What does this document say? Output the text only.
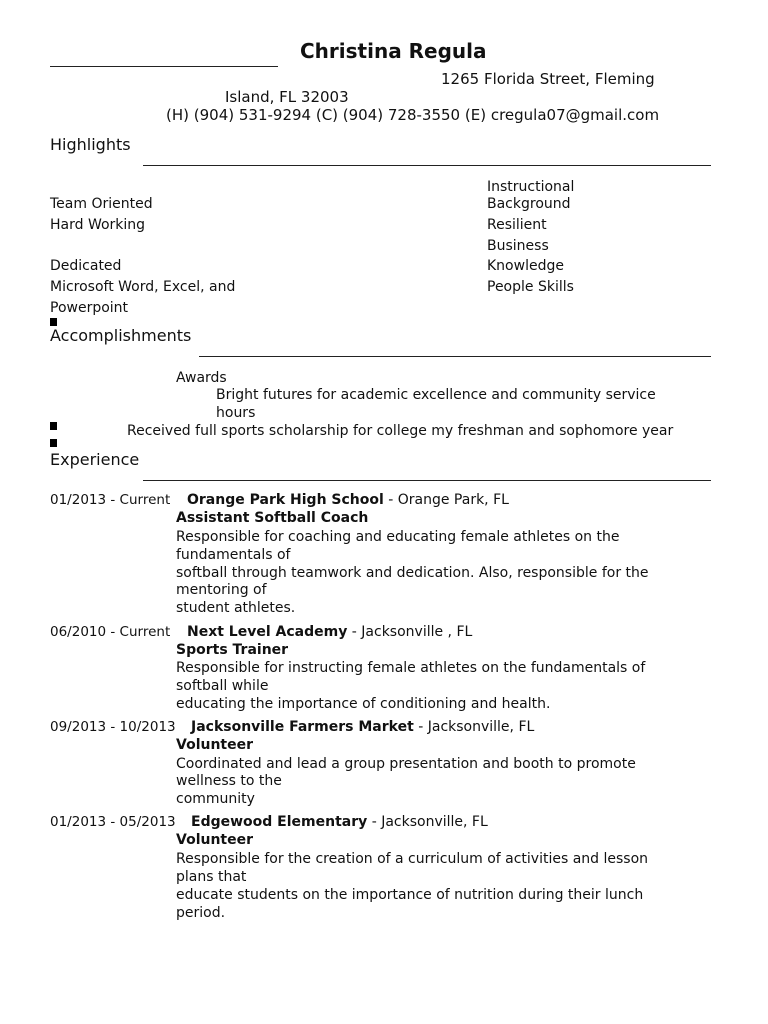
Christina Regula
1265 Florida Street, Fleming
Island, FL 32003
(H) (904) 531-9294 (C) (904) 728-3550 (E) cregula07@gmail.com
Highlights
Team Oriented
Hard Working
Dedicated
Microsoft Word, Excel, and
Powerpoint
Instructional
Background
Resilient
Business
Knowledge
People Skills
Accomplishments
Awards
Bright futures for academic excellence and community service
hours
Received full sports scholarship for college my freshman and sophomore year
Experience
01/2013 - Current Orange Park High School - Orange Park, FL
Assistant Softball Coach
Responsible for coaching and educating female athletes on the
fundamentals of
softball through teamwork and dedication. Also, responsible for the
mentoring of
student athletes.
06/2010 - Current Next Level Academy - Jacksonville , FL
Sports Trainer
Responsible for instructing female athletes on the fundamentals of
softball while
educating the importance of conditioning and health.
09/2013 - 10/2013 Jacksonville Farmers Market - Jacksonville, FL
Volunteer
Coordinated and lead a group presentation and booth to promote
wellness to the
community
01/2013 - 05/2013 Edgewood Elementary - Jacksonville, FL
Volunteer
Responsible for the creation of a curriculum of activities and lesson
plans that
educate students on the importance of nutrition during their lunch
period.
